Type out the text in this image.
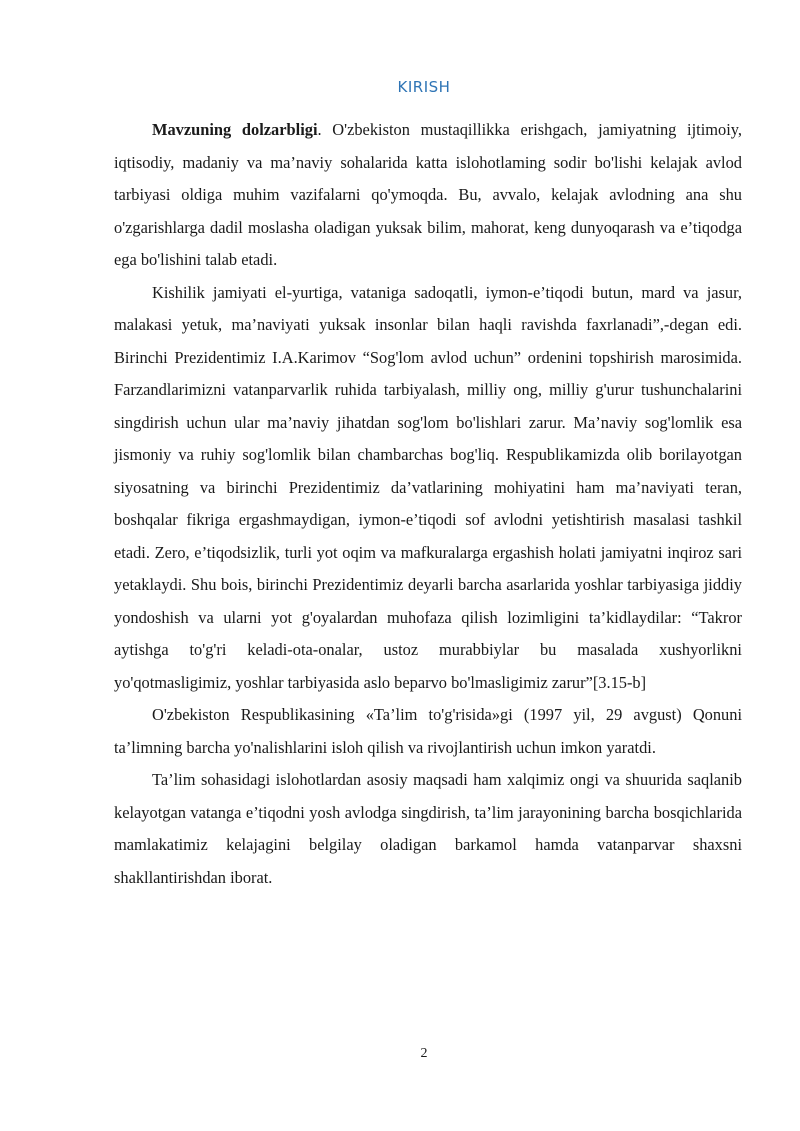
KIRISH

Mavzuning dolzarbligi. O'zbekiston mustaqillikka erishgach, jamiyatning ijtimoiy, iqtisodiy, madaniy va ma’naviy sohalarida katta islohotlaming sodir bo'lishi kelajak avlod tarbiyasi oldiga muhim vazifalarni qo'ymoqda. Bu, avvalo, kelajak avlodning ana shu o'zgarishlarga dadil moslasha oladigan yuksak bilim, mahorat, keng dunyoqarash va e’tiqodga ega bo'lishini talab etadi.

Kishilik jamiyati el-yurtiga, vataniga sadoqatli, iymon-e’tiqodi butun, mard va jasur, malakasi yetuk, ma’naviyati yuksak insonlar bilan haqli ravishda faxrlanadi”,-degan edi. Birinchi Prezidentimiz I.A.Karimov “Sog'lom avlod uchun” ordenini topshirish marosimida. Farzandlarimizni vatanparvarlik ruhida tarbiyalash, milliy ong, milliy g'urur tushunchalarini singdirish uchun ular ma’naviy jihatdan sog'lom bo'lishlari zarur. Ma’naviy sog'lomlik esa jismoniy va ruhiy sog'lomlik bilan chambarchas bog'liq. Respublikamizda olib borilayotgan siyosatning va birinchi Prezidentimiz da’vatlarining mohiyatini ham ma’naviyati teran, boshqalar fikriga ergashmaydigan, iymon-e’tiqodi sof avlodni yetishtirish masalasi tashkil etadi. Zero, e’tiqodsizlik, turli yot oqim va mafkuralarga ergashish holati jamiyatni inqiroz sari yetaklaydi. Shu bois, birinchi Prezidentimiz deyarli barcha asarlarida yoshlar tarbiyasiga jiddiy yondoshish va ularni yot g'oyalardan muhofaza qilish lozimligini ta’kidlaydilar: “Takror aytishga to'g'ri keladi-ota-onalar, ustoz murabbiylar bu masalada xushyorlikni yo'qotmasligimiz, yoshlar tarbiyasida aslo beparvo bo'lmasligimiz zarur”[3.15-b]

O'zbekiston Respublikasining «Ta’lim to'g'risida»gi (1997 yil, 29 avgust) Qonuni ta’limning barcha yo'nalishlarini isloh qilish va rivojlantirish uchun imkon yaratdi.

Ta’lim sohasidagi islohotlardan asosiy maqsadi ham xalqimiz ongi va shuurida saqlanib kelayotgan vatanga e’tiqodni yosh avlodga singdirish, ta’lim jarayonining barcha bosqichlarida mamlakatimiz kelajagini belgilay oladigan barkamol hamda vatanparvar shaxsni shakllantirishdan iborat.

2
